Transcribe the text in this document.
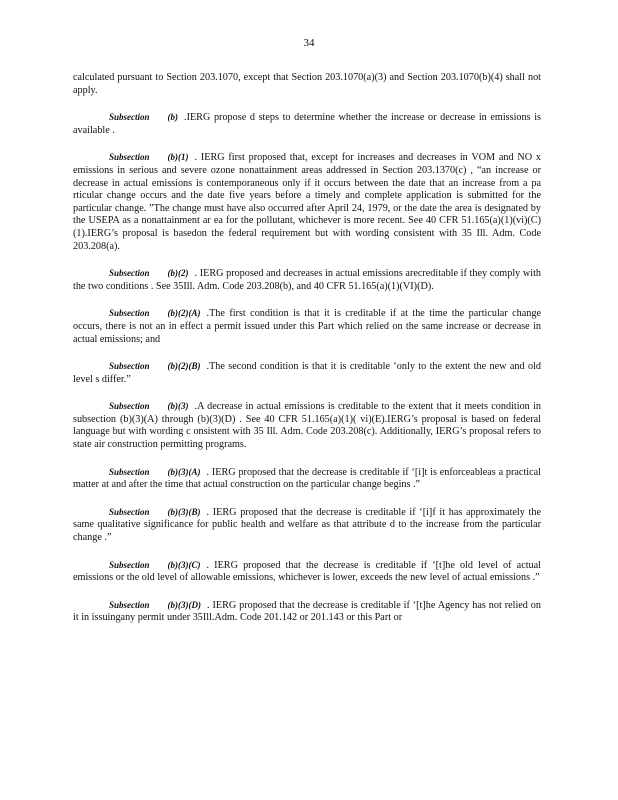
34

calculated pursuant to Section 203.1070, except that Section 203.1070(a)(3) and Section 203.1070(b)(4) shall not apply.

Subsection (b) .IERG propose d steps to determine whether the increase or decrease in emissions is available .

Subsection (b)(1) . IERG first proposed that, except for increases and decreases in VOM and NO x emissions in serious and severe ozone nonattainment areas addressed in Section 203.1370(c) , “an increase or decrease in actual emissions is contemporaneous only if it occurs between the date that an increase from a pa rticular change occurs and the date five years before a timely and complete application is submitted for the particular change. ”The change must have also occurred after April 24, 1979, or the date the area is designated by the USEPA as a nonattainment ar ea for the pollutant, whichever is more recent. See 40 CFR 51.165(a)(1)(vi)(C)(1).IERG’s proposal is basedon the federal requirement but with wording consistent with 35 Ill. Adm. Code 203.208(a).

Subsection (b)(2) . IERG proposed and decreases in actual emissions arecreditable if they comply with the two conditions . See 35Ill. Adm. Code 203.208(b), and 40 CFR 51.165(a)(1)(VI)(D).

Subsection (b)(2)(A) .The first condition is that it is creditable if at the time the particular change occurs, there is not an in effect a permit issued under this Part which relied on the same increase or decrease in actual emissions; and

Subsection (b)(2)(B) .The second condition is that it is creditable ‘only to the extent the new and old level s differ.”

Subsection (b)(3) .A decrease in actual emissions is creditable to the extent that it meets condition in subsection (b)(3)(A) through (b)(3)(D) . See 40 CFR 51.165(a)(1)( vi)(E).IERG’s proposal is based on federal language but with wording c onsistent with 35 Ill. Adm. Code 203.208(c). Additionally, IERG’s proposal refers to state air construction permitting programs.

Subsection (b)(3)(A) . IERG proposed that the decrease is creditable if ‘[i]t is enforceableas a practical matter at and after the time that actual construction on the particular change begins .”

Subsection (b)(3)(B) . IERG proposed that the decrease is creditable if ‘[i]f it has approximately the same qualitative significance for public health and welfare as that attribute d to the increase from the particular change .”

Subsection (b)(3)(C) . IERG proposed that the decrease is creditable if ‘[t]he old level of actual emissions or the old level of allowable emissions, whichever is lower, exceeds the new level of actual emissions .”

Subsection (b)(3)(D) . IERG proposed that the decrease is creditable if ‘[t]he Agency has not relied on it in issuingany permit under 35Ill.Adm. Code 201.142 or 201.143 or this Part or
